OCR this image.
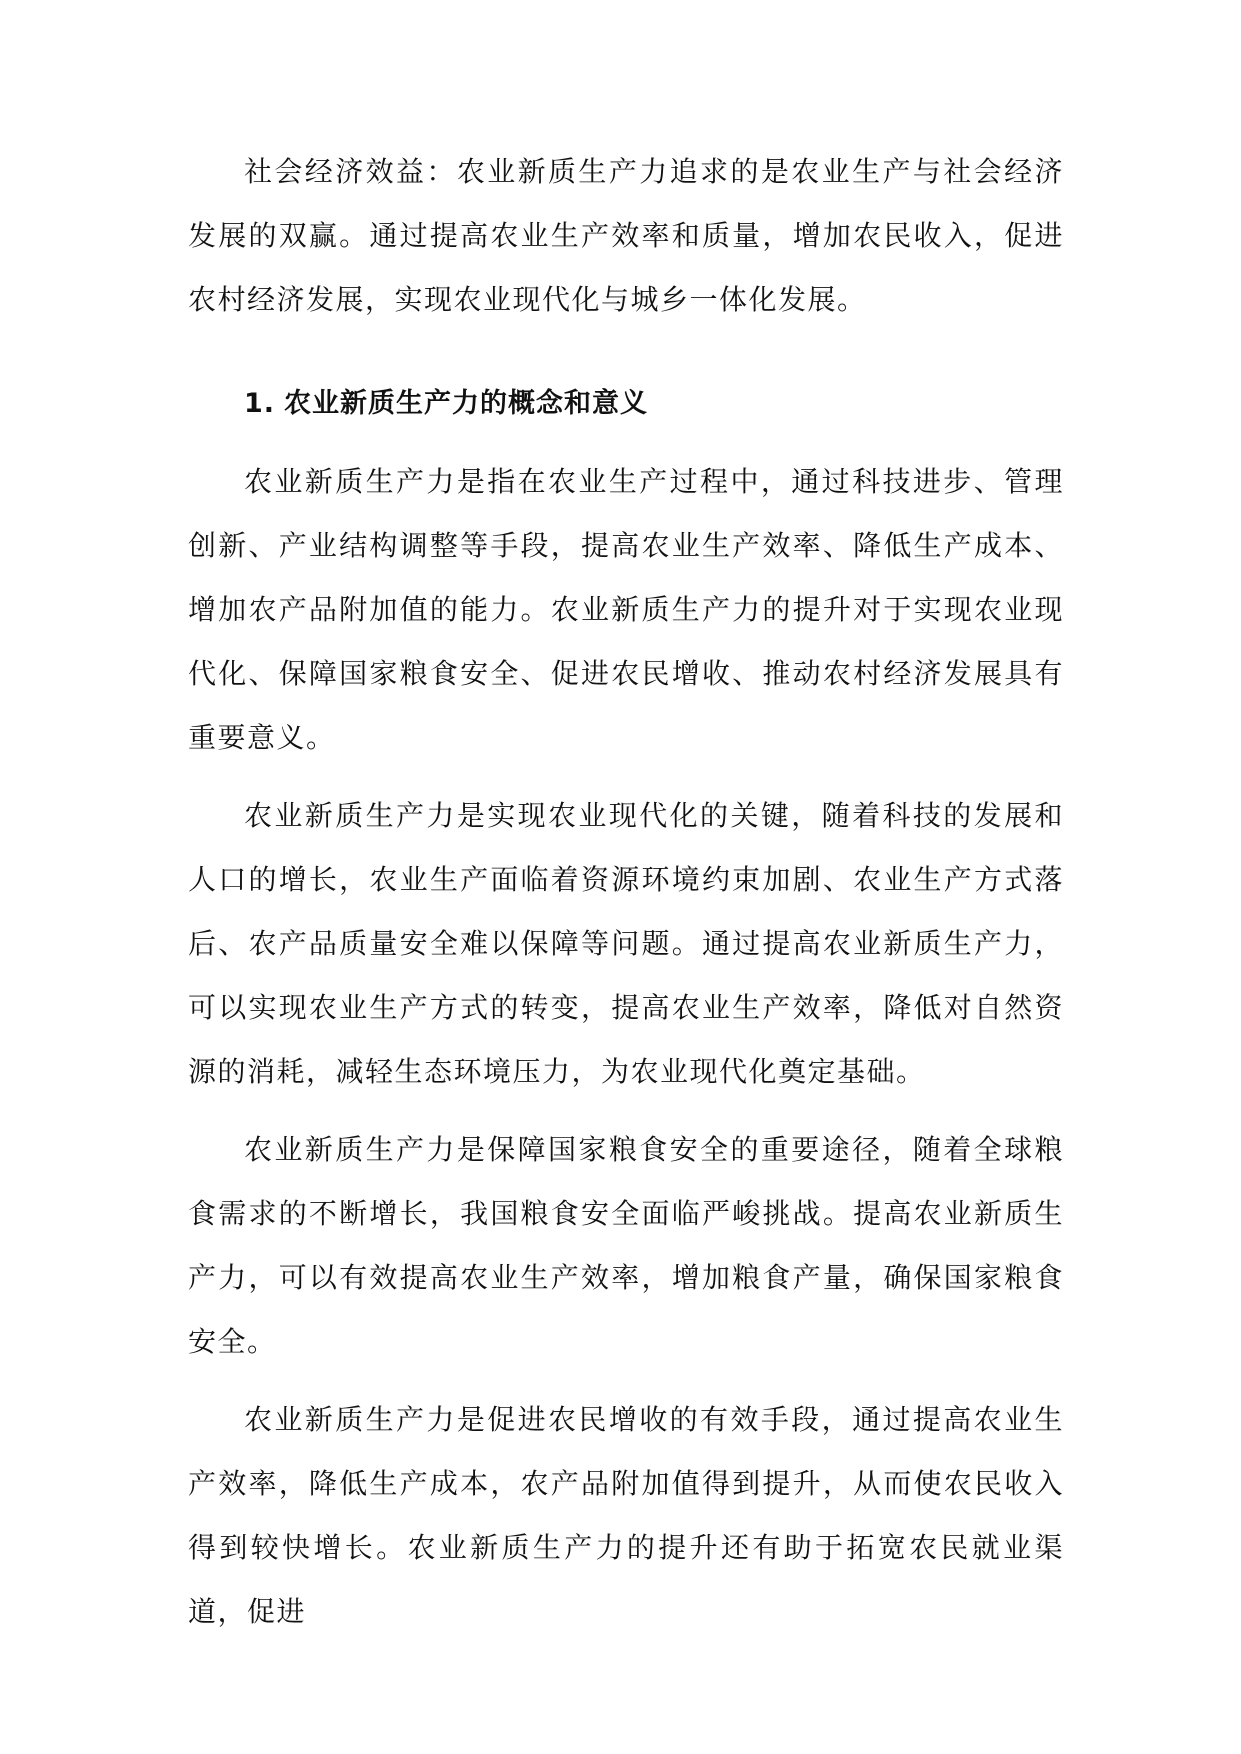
社会经济效益：农业新质生产力追求的是农业生产与社会经济发展的双赢。通过提高农业生产效率和质量，增加农民收入，促进农村经济发展，实现农业现代化与城乡一体化发展。

1. 农业新质生产力的概念和意义

农业新质生产力是指在农业生产过程中，通过科技进步、管理创新、产业结构调整等手段，提高农业生产效率、降低生产成本、增加农产品附加值的能力。农业新质生产力的提升对于实现农业现代化、保障国家粮食安全、促进农民增收、推动农村经济发展具有重要意义。

农业新质生产力是实现农业现代化的关键，随着科技的发展和人口的增长，农业生产面临着资源环境约束加剧、农业生产方式落后、农产品质量安全难以保障等问题。通过提高农业新质生产力，可以实现农业生产方式的转变，提高农业生产效率，降低对自然资源的消耗，减轻生态环境压力，为农业现代化奠定基础。

农业新质生产力是保障国家粮食安全的重要途径，随着全球粮食需求的不断增长，我国粮食安全面临严峻挑战。提高农业新质生产力，可以有效提高农业生产效率，增加粮食产量，确保国家粮食安全。

农业新质生产力是促进农民增收的有效手段，通过提高农业生产效率，降低生产成本，农产品附加值得到提升，从而使农民收入得到较快增长。农业新质生产力的提升还有助于拓宽农民就业渠道，促进
